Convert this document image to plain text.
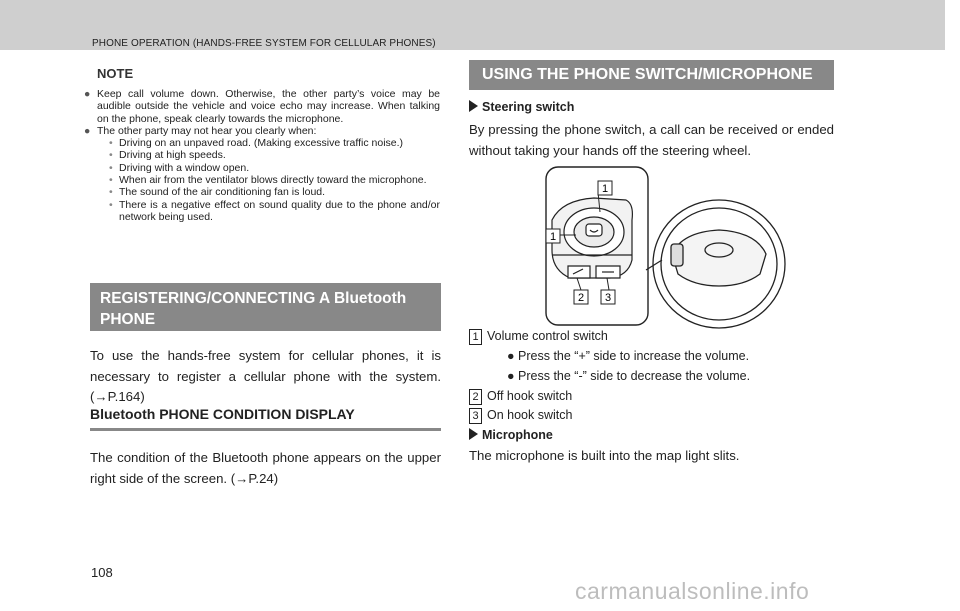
PHONE OPERATION (HANDS-FREE SYSTEM FOR CELLULAR PHONES)
NOTE

● Keep call volume down. Otherwise, the other party’s voice may be audible outside the vehicle and voice echo may increase. When talking on the phone, speak clearly towards the microphone.

● The other party may not hear you clearly when:

• Driving on an unpaved road. (Making excessive traffic noise.)

• Driving at high speeds.

• Driving with a window open.

• When air from the ventilator blows directly toward the microphone.

• The sound of the air conditioning fan is loud.

• There is a negative effect on sound quality due to the phone and/or network being used.

REGISTERING/CONNECTING A Bluetooth PHONE
To use the hands-free system for cellular phones, it is necessary to register a cellular phone with the system. (→P.164)
Bluetooth PHONE CONDITION DISPLAY
The condition of the Bluetooth phone appears on the upper right side of the screen. (→P.24)
USING THE PHONE SWITCH/MICROPHONE
Steering switch
By pressing the phone switch, a call can be received or ended without taking your hands off the steering wheel.
1
1
2 3
1 Volume control switch
● Press the “+” side to increase the volume.
● Press the “-” side to decrease the volume.
2 Off hook switch
3 On hook switch
Microphone
The microphone is built into the map light slits.
108
carmanualsonline.info
